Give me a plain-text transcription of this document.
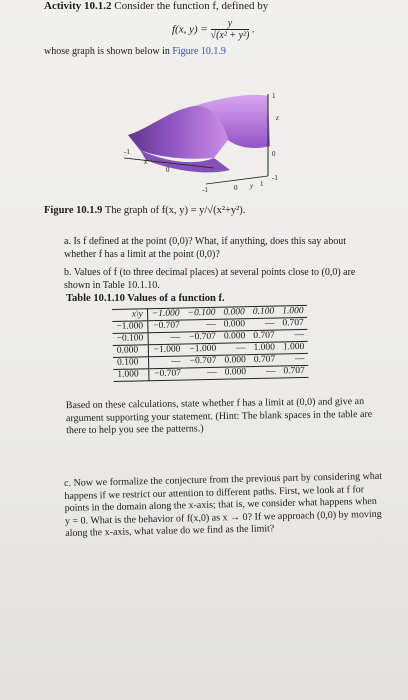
Activity 10.1.2 Consider the function f, defined by
f(x, $y) = \frac{y}{\text{√(x² + y²)}}$ .
whose graph is shown below in Figure 10.1.9
1
z
0
-1
-1
x
0
-1	0 y 1
Figure 10.1.9 The graph of f(x, y) = y/√(x²+y²).
a. Is f defined at the point (0,0)? What, if anything, does this say about whether f has a limit at the point (0,0)?
b. Values of f (to three decimal places) at several points close to (0,0) are shown in Table 10.1.10.
Table 10.1.10 Values of a function f.
x\y	−1.000	−0.100	0.000	0.100	1.000
−1.000	−0.707	—	0.000	—	0.707
−0.100	—	−0.707	0.000	0.707	—
0.000	−1.000	−1.000	—	1.000	1.000
0.100	—	−0.707	0.000	0.707	—
1.000	−0.707	—	0.000	—	0.707
Based on these calculations, state whether f has a limit at (0,0) and give an argument supporting your statement. (Hint: The blank spaces in the table are there to help you see the patterns.)
c. Now we formalize the conjecture from the previous part by considering what happens if we restrict our attention to different paths. First, we look at f for points in the domain along the x-axis; that is, we consider what happens when y = 0. What is the behavior of f(x,0) as x → 0? If we approach (0,0) by moving along the x-axis, what value do we find as the limit?
